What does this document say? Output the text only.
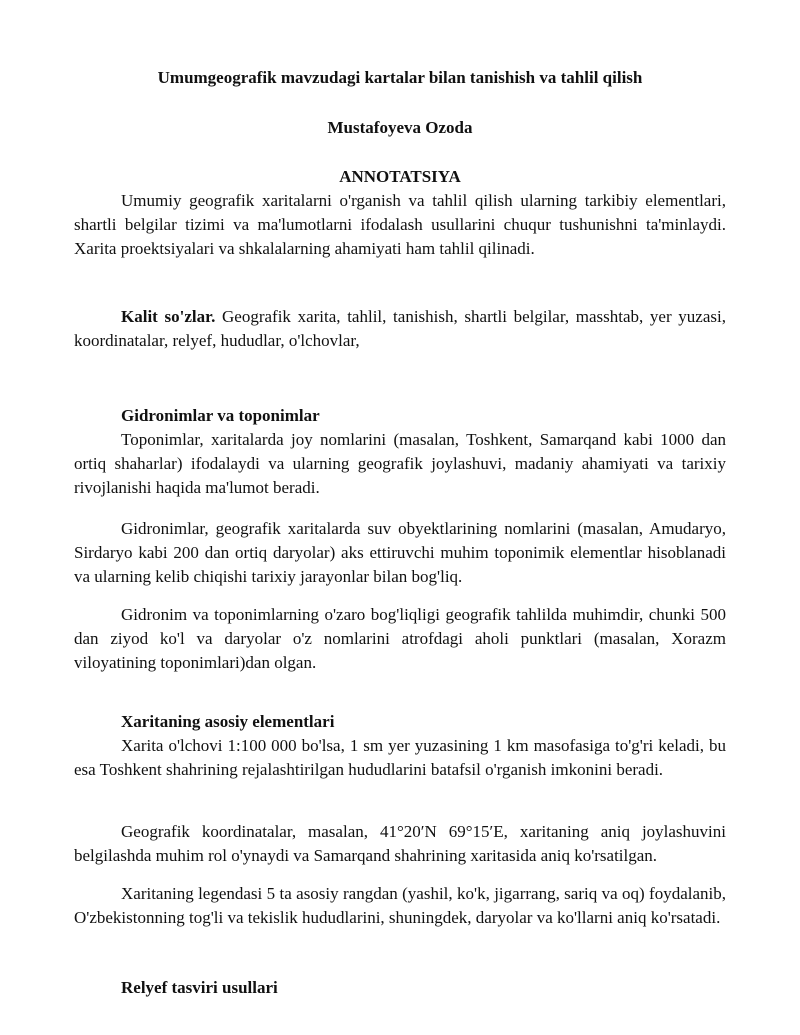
Umumgeografik mavzudagi kartalar bilan tanishish va tahlil qilish

Mustafoyeva Ozoda

ANNOTATSIYA

Umumiy geografik xaritalarni o'rganish va tahlil qilish ularning tarkibiy elementlari, shartli belgilar tizimi va ma'lumotlarni ifodalash usullarini chuqur tushunishni ta'minlaydi. Xarita proektsiyalari va shkalalarning ahamiyati ham tahlil qilinadi.

Kalit so'zlar. Geografik xarita, tahlil, tanishish, shartli belgilar, masshtab, yer yuzasi, koordinatalar, relyef, hududlar, o'lchovlar,

Gidronimlar va toponimlar

Toponimlar, xaritalarda joy nomlarini (masalan, Toshkent, Samarqand kabi 1000 dan ortiq shaharlar) ifodalaydi va ularning geografik joylashuvi, madaniy ahamiyati va tarixiy rivojlanishi haqida ma'lumot beradi.

Gidronimlar, geografik xaritalarda suv obyektlarining nomlarini (masalan, Amudaryo, Sirdaryo kabi 200 dan ortiq daryolar) aks ettiruvchi muhim toponimik elementlar hisoblanadi va ularning kelib chiqishi tarixiy jarayonlar bilan bog'liq.

Gidronim va toponimlarning o'zaro bog'liqligi geografik tahlilda muhimdir, chunki 500 dan ziyod ko'l va daryolar o'z nomlarini atrofdagi aholi punktlari (masalan, Xorazm viloyatining toponimlari)dan olgan.

Xaritaning asosiy elementlari

Xarita o'lchovi 1:100 000 bo'lsa, 1 sm yer yuzasining 1 km masofasiga to'g'ri keladi, bu esa Toshkent shahrining rejalashtirilgan hududlarini batafsil o'rganish imkonini beradi.

Geografik koordinatalar, masalan, 41°20′N 69°15′E, xaritaning aniq joylashuvini belgilashda muhim rol o'ynaydi va Samarqand shahrining xaritasida aniq ko'rsatilgan.

Xaritaning legendasi 5 ta asosiy rangdan (yashil, ko'k, jigarrang, sariq va oq) foydalanib, O'zbekistonning tog'li va tekislik hududlarini, shuningdek, daryolar va ko'llarni aniq ko'rsatadi.

Relyef tasviri usullari
